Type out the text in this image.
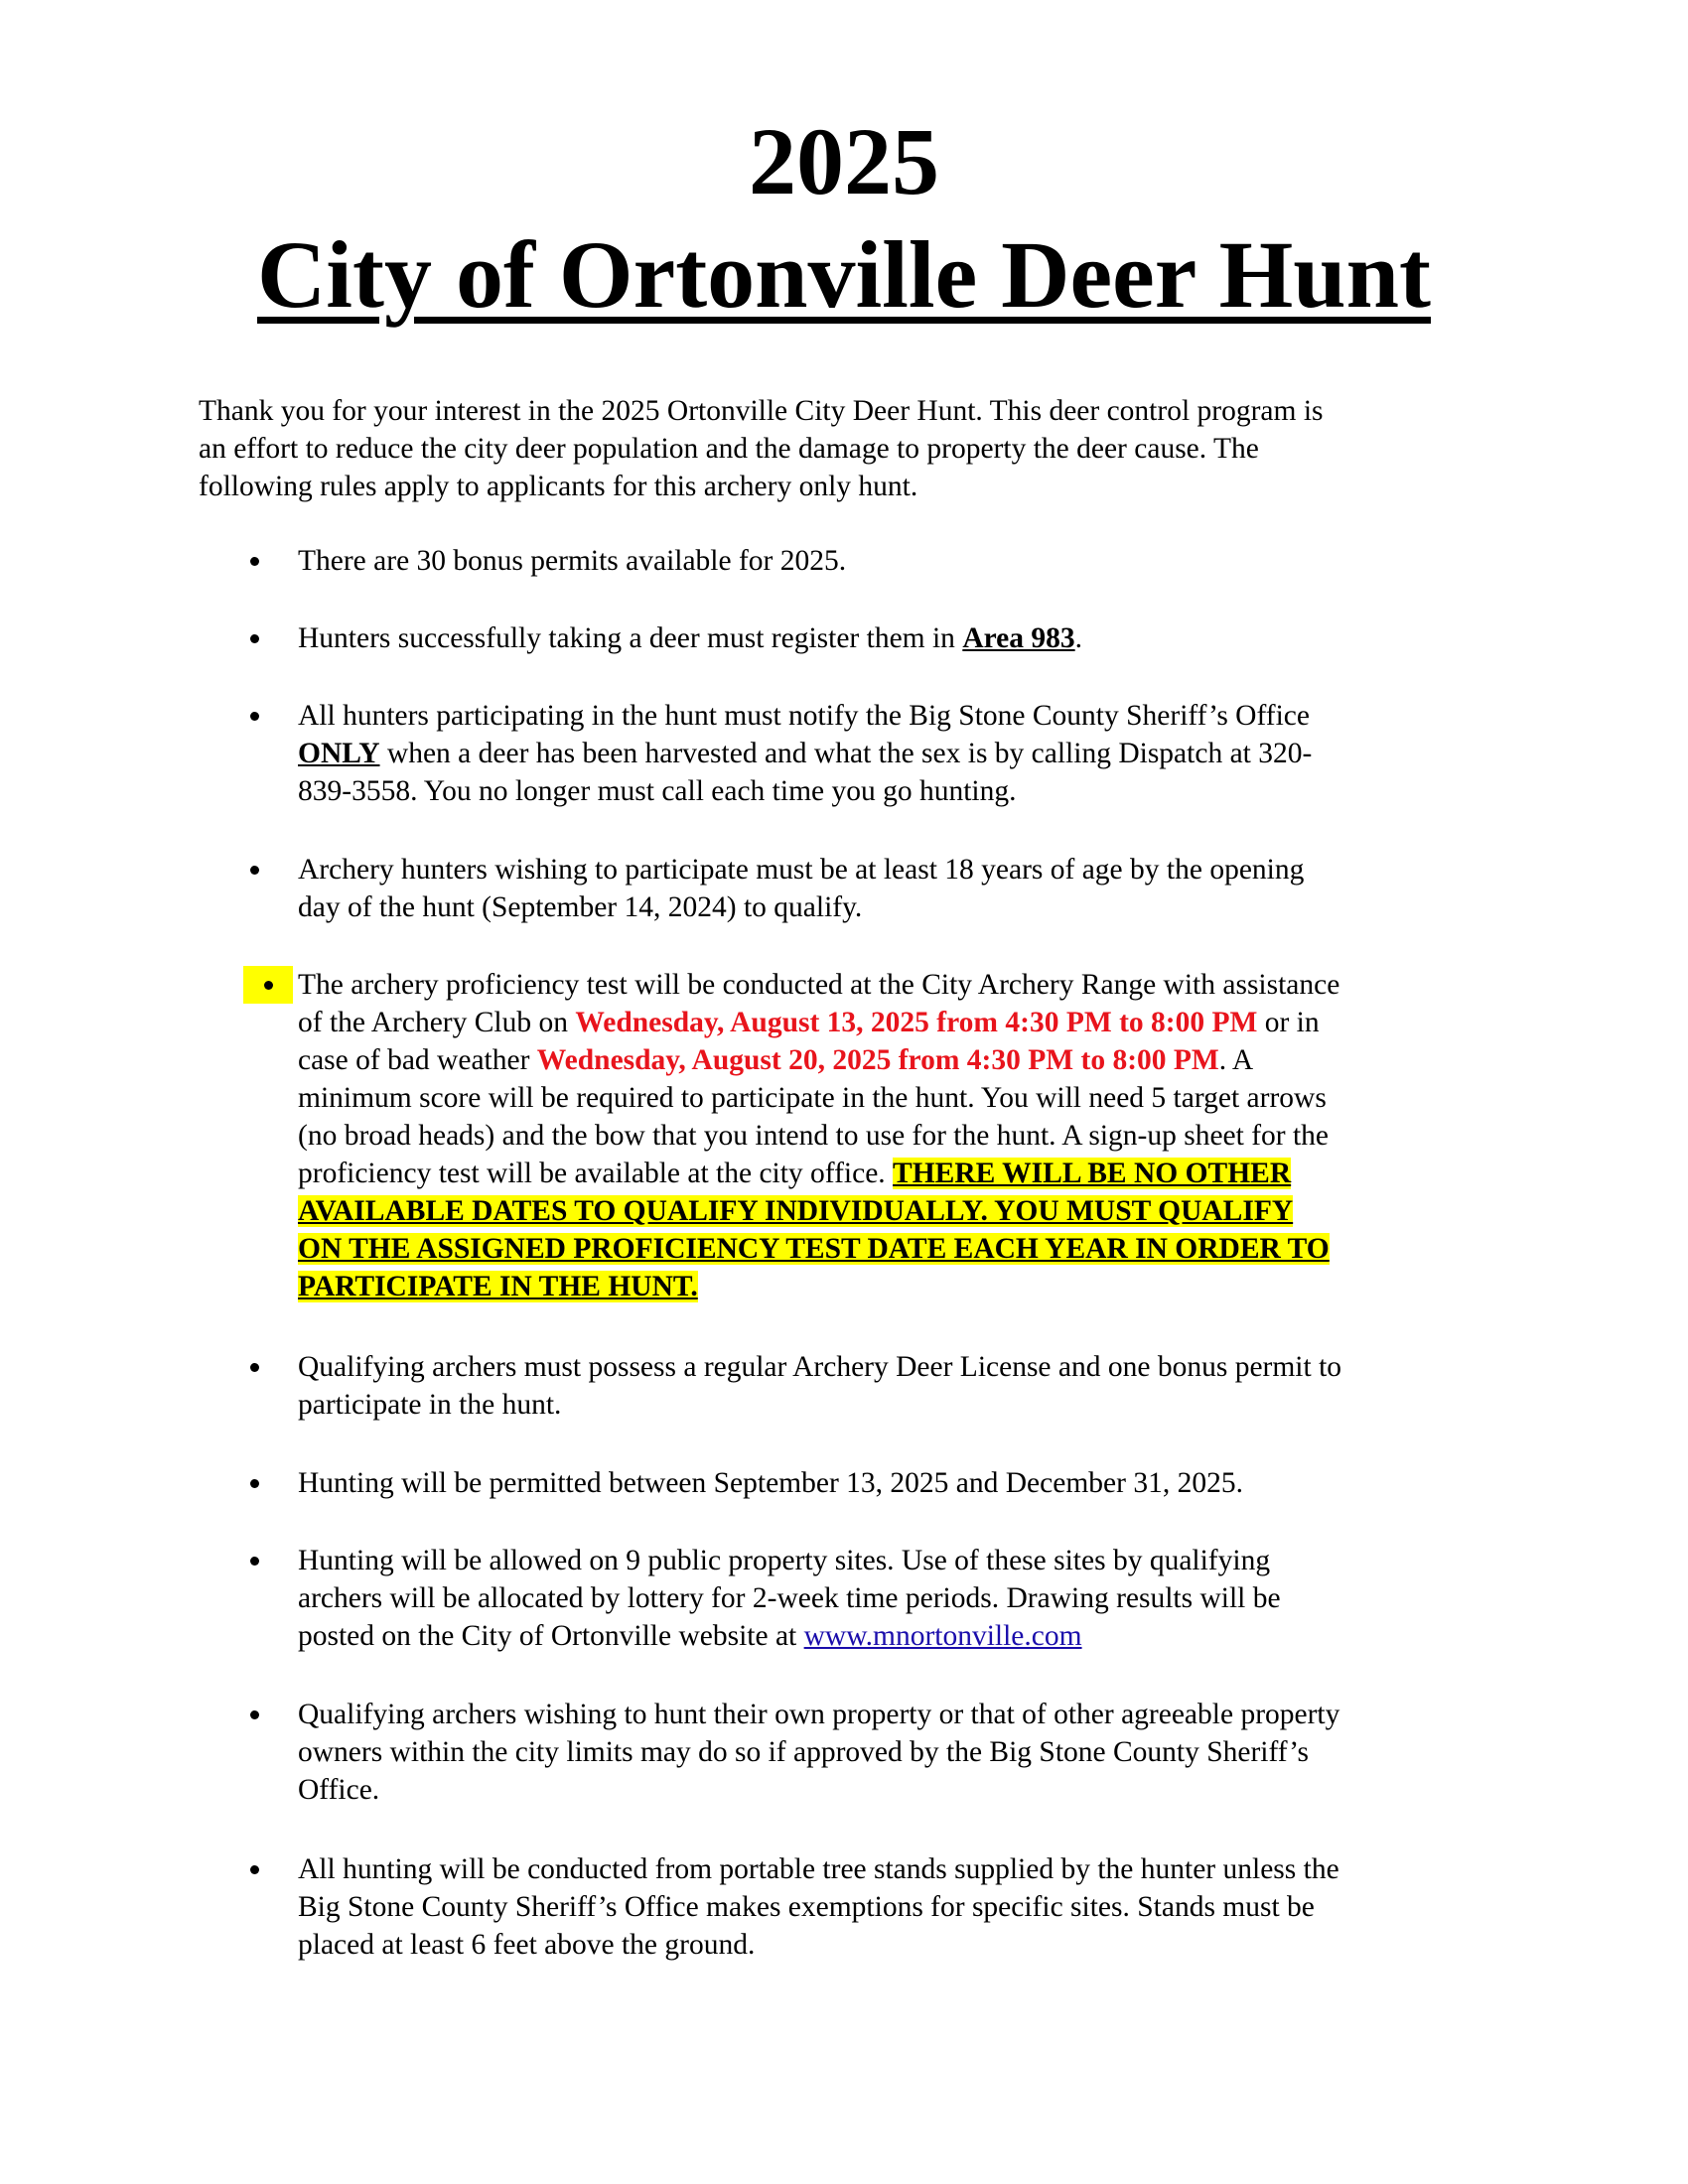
2025
City of Ortonville Deer Hunt
Thank you for your interest in the 2025 Ortonville City Deer Hunt. This deer control program is
an effort to reduce the city deer population and the damage to property the deer cause. The
following rules apply to applicants for this archery only hunt.
There are 30 bonus permits available for 2025.
Hunters successfully taking a deer must register them in Area 983.
All hunters participating in the hunt must notify the Big Stone County Sheriff’s Office
ONLY when a deer has been harvested and what the sex is by calling Dispatch at 320-
839-3558. You no longer must call each time you go hunting.
Archery hunters wishing to participate must be at least 18 years of age by the opening
day of the hunt (September 14, 2024) to qualify.
The archery proficiency test will be conducted at the City Archery Range with assistance
of the Archery Club on Wednesday, August 13, 2025 from 4:30 PM to 8:00 PM or in
case of bad weather Wednesday, August 20, 2025 from 4:30 PM to 8:00 PM. A
minimum score will be required to participate in the hunt. You will need 5 target arrows
(no broad heads) and the bow that you intend to use for the hunt. A sign-up sheet for the
proficiency test will be available at the city office. THERE WILL BE NO OTHER
AVAILABLE DATES TO QUALIFY INDIVIDUALLY. YOU MUST QUALIFY
ON THE ASSIGNED PROFICIENCY TEST DATE EACH YEAR IN ORDER TO
PARTICIPATE IN THE HUNT.
Qualifying archers must possess a regular Archery Deer License and one bonus permit to
participate in the hunt.
Hunting will be permitted between September 13, 2025 and December 31, 2025.
Hunting will be allowed on 9 public property sites. Use of these sites by qualifying
archers will be allocated by lottery for 2-week time periods. Drawing results will be
posted on the City of Ortonville website at www.mnortonville.com
Qualifying archers wishing to hunt their own property or that of other agreeable property
owners within the city limits may do so if approved by the Big Stone County Sheriff’s
Office.
All hunting will be conducted from portable tree stands supplied by the hunter unless the
Big Stone County Sheriff’s Office makes exemptions for specific sites. Stands must be
placed at least 6 feet above the ground.
